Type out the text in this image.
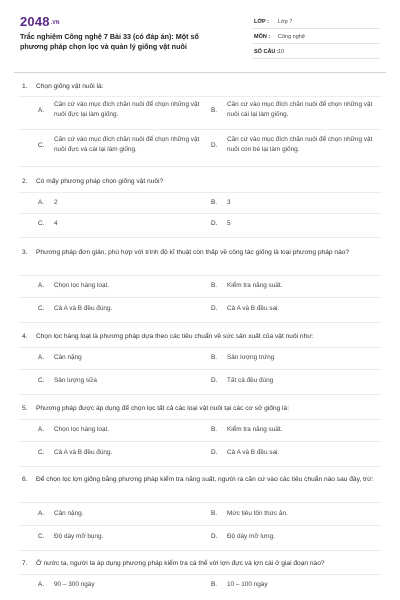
2048.VN
Trắc nghiệm Công nghệ 7 Bài 33 (có đáp án): Một số phương pháp chọn lọc và quản lý giống vật nuôi
LỚP : Lớp 7
MÔN : Công nghệ
SỐ CÂU : 10
1. Chọn giống vật nuôi là:
A.
Căn cứ vào mục đích chăn nuôi để chọn những vật nuôi đực lại làm giống.
B.
Căn cứ vào mục đích chăn nuôi để chọn những vật nuôi cái lại làm giống.
C.
Căn cứ vào mục đích chăn nuôi để chọn những vật nuôi đực và cái lại làm giống.
D.
Căn cứ vào mục đích chăn nuôi để chọn những vật nuôi con bé lại làm giống.
2. Có mấy phương pháp chọn giống vật nuôi?
A.	2	B.	3
C.	4	D.	5
3. Phương pháp đơn giản, phù hợp với trình độ kĩ thuật còn thấp về công tác giống là loại phương pháp nào?
A.	Chọn lọc hàng loạt.	B.	Kiểm tra năng suất.
C.	Cả A và B đều đúng.	D.	Cả A và B đều sai.
4. Chọn lọc hàng loạt là phương pháp dựa theo các tiêu chuẩn về sức sản xuất của vật nuôi như:
A.	Cân nặng	B.	Sản lượng trứng
C.	Sản lượng sữa	D.	Tất cả đều đúng
5. Phương pháp được áp dụng để chọn lọc tất cả các loại vật nuôi tại các cơ sở giống là:
A.	Chọn lọc hàng loạt.	B.	Kiểm tra năng suất.
C.	Cả A và B đều đúng.	D.	Cả A và B đều sai.
6. Để chọn lọc lợn giống bằng phương pháp kiểm tra năng suất, người ra căn cứ vào các tiêu chuẩn nào sau đây, trừ:
A.	Cân nặng.	B.	Mức tiêu tốn thức ăn.
C.	Độ dày mỡ bụng.	D.	Độ dày mỡ lưng.
7. Ở nước ta, người ta áp dụng phương pháp kiểm tra cá thể với lợn đực và lợn cái ở giai đoạn nào?
A.	90 – 300 ngày	B.	10 – 100 ngày
